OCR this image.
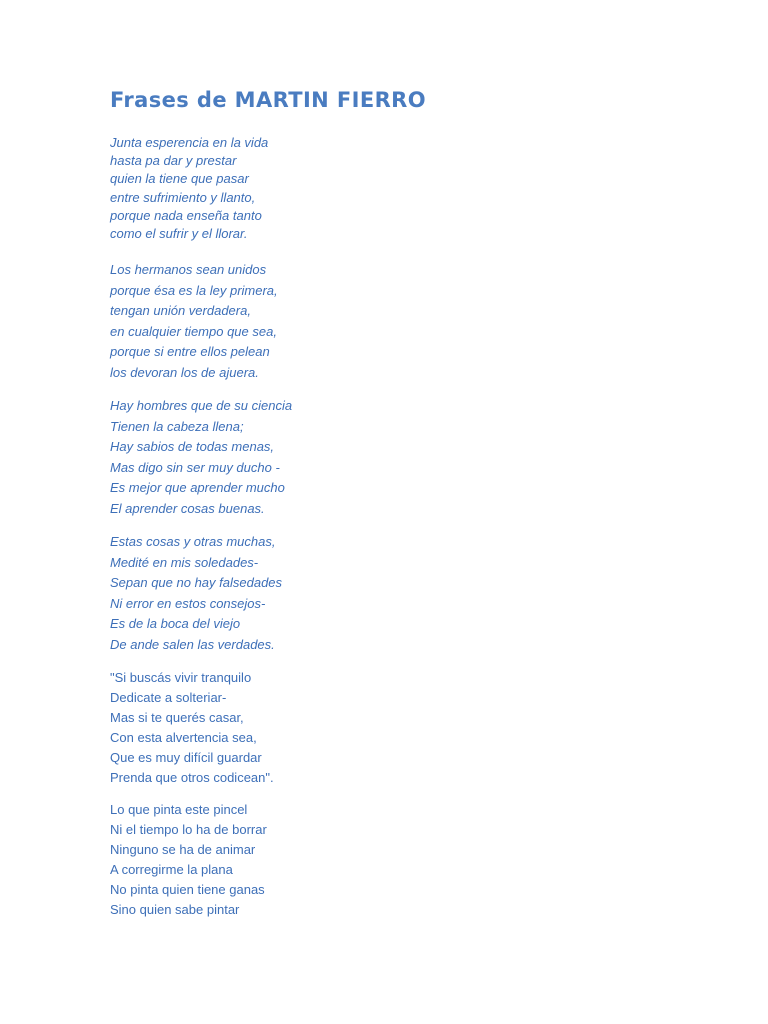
Frases de MARTIN FIERRO
Junta esperencia en la vida
hasta pa dar y prestar
quien la tiene que pasar
entre sufrimiento y llanto,
porque nada enseña tanto
como el sufrir y el llorar.
Los hermanos sean unidos
porque ésa es la ley primera,
tengan unión verdadera,
en cualquier tiempo que sea,
porque si entre ellos pelean
los devoran los de ajuera.
Hay hombres que de su ciencia
Tienen la cabeza llena;
Hay sabios de todas menas,
Mas digo sin ser muy ducho -
Es mejor que aprender mucho
El aprender cosas buenas.
Estas cosas y otras muchas,
Medité en mis soledades-
Sepan que no hay falsedades
Ni error en estos consejos-
Es de la boca del viejo
De ande salen las verdades.
"Si buscás vivir tranquilo
Dedicate a solteriar-
Mas si te querés casar,
Con esta alvertencia sea,
Que es muy difícil guardar
Prenda que otros codicean".
Lo que pinta este pincel
Ni el tiempo lo ha de borrar
Ninguno se ha de animar
A corregirme la plana
No pinta quien tiene ganas
Sino quien sabe pintar
